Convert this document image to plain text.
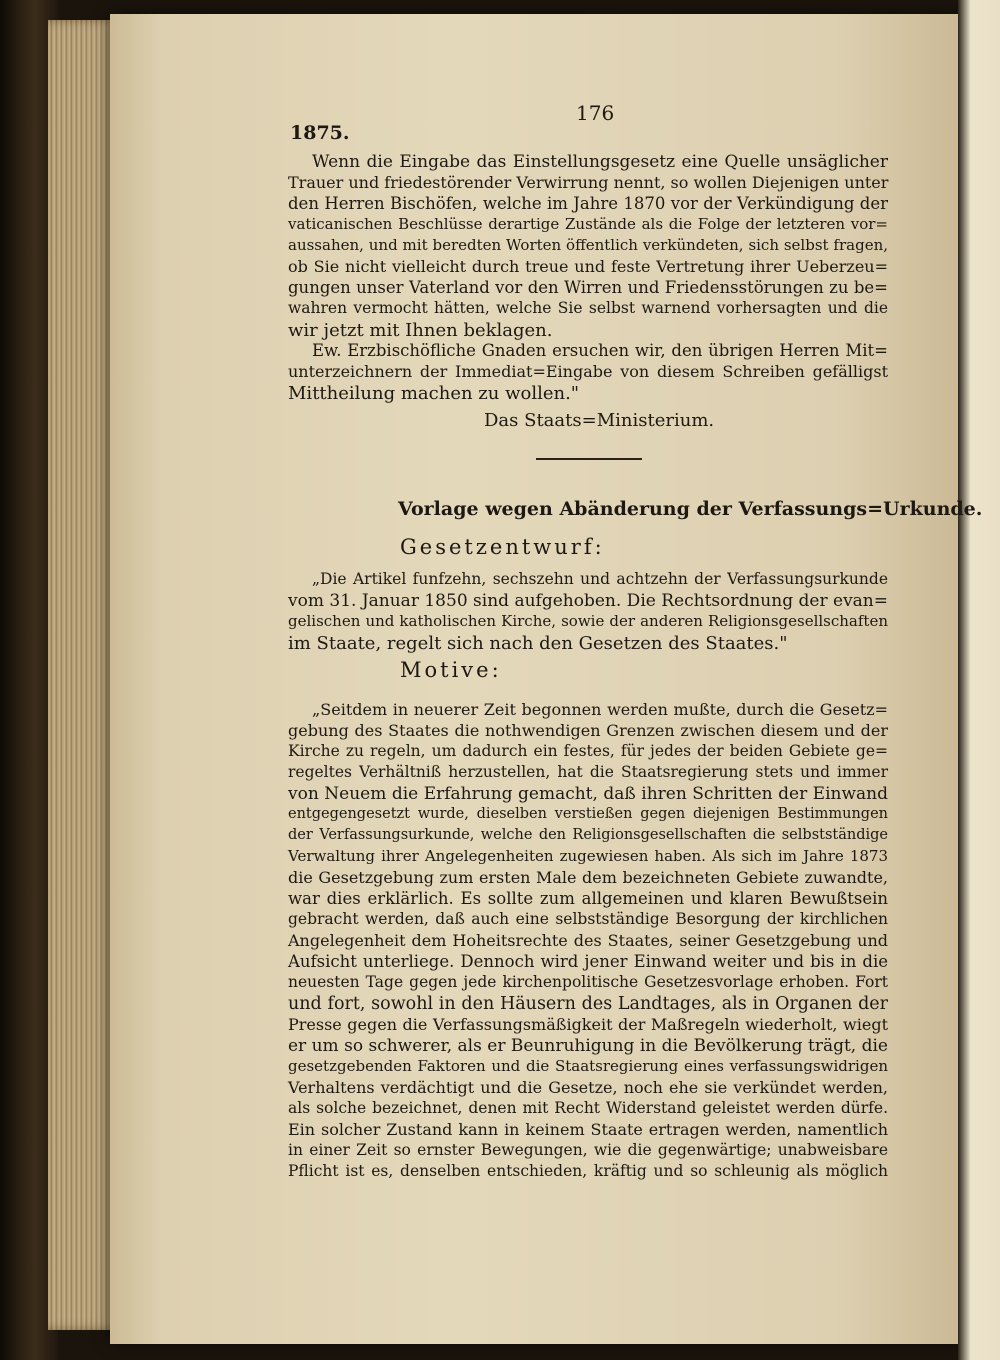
176
1875.
Wenn die Eingabe das Einstellungsgesetz eine Quelle unsäglicher
Trauer und friedestörender Verwirrung nennt, so wollen Diejenigen unter
den Herren Bischöfen, welche im Jahre 1870 vor der Verkündigung der
vaticanischen Beschlüsse derartige Zustände als die Folge der letzteren vor=
aussahen, und mit beredten Worten öffentlich verkündeten, sich selbst fragen,
ob Sie nicht vielleicht durch treue und feste Vertretung ihrer Ueberzeu=
gungen unser Vaterland vor den Wirren und Friedensstörungen zu be=
wahren vermocht hätten, welche Sie selbst warnend vorhersagten und die
wir jetzt mit Ihnen beklagen.
Ew. Erzbischöfliche Gnaden ersuchen wir, den übrigen Herren Mit=
unterzeichnern der Immediat=Eingabe von diesem Schreiben gefälligst
Mittheilung machen zu wollen."
Das Staats=Ministerium.
Vorlage wegen Abänderung der Verfassungs=Urkunde.
Gesetzentwurf:
„Die Artikel funfzehn, sechszehn und achtzehn der Verfassungsurkunde
vom 31. Januar 1850 sind aufgehoben. Die Rechtsordnung der evan=
gelischen und katholischen Kirche, sowie der anderen Religionsgesellschaften
im Staate, regelt sich nach den Gesetzen des Staates."
Motive:
„Seitdem in neuerer Zeit begonnen werden mußte, durch die Gesetz=
gebung des Staates die nothwendigen Grenzen zwischen diesem und der
Kirche zu regeln, um dadurch ein festes, für jedes der beiden Gebiete ge=
regeltes Verhältniß herzustellen, hat die Staatsregierung stets und immer
von Neuem die Erfahrung gemacht, daß ihren Schritten der Einwand
entgegengesetzt wurde, dieselben verstießen gegen diejenigen Bestimmungen
der Verfassungsurkunde, welche den Religionsgesellschaften die selbstständige
Verwaltung ihrer Angelegenheiten zugewiesen haben. Als sich im Jahre 1873
die Gesetzgebung zum ersten Male dem bezeichneten Gebiete zuwandte,
war dies erklärlich. Es sollte zum allgemeinen und klaren Bewußtsein
gebracht werden, daß auch eine selbstständige Besorgung der kirchlichen
Angelegenheit dem Hoheitsrechte des Staates, seiner Gesetzgebung und
Aufsicht unterliege. Dennoch wird jener Einwand weiter und bis in die
neuesten Tage gegen jede kirchenpolitische Gesetzesvorlage erhoben. Fort
und fort, sowohl in den Häusern des Landtages, als in Organen der
Presse gegen die Verfassungsmäßigkeit der Maßregeln wiederholt, wiegt
er um so schwerer, als er Beunruhigung in die Bevölkerung trägt, die
gesetzgebenden Faktoren und die Staatsregierung eines verfassungswidrigen
Verhaltens verdächtigt und die Gesetze, noch ehe sie verkündet werden,
als solche bezeichnet, denen mit Recht Widerstand geleistet werden dürfe.
Ein solcher Zustand kann in keinem Staate ertragen werden, namentlich
in einer Zeit so ernster Bewegungen, wie die gegenwärtige; unabweisbare
Pflicht ist es, denselben entschieden, kräftig und so schleunig als möglich
